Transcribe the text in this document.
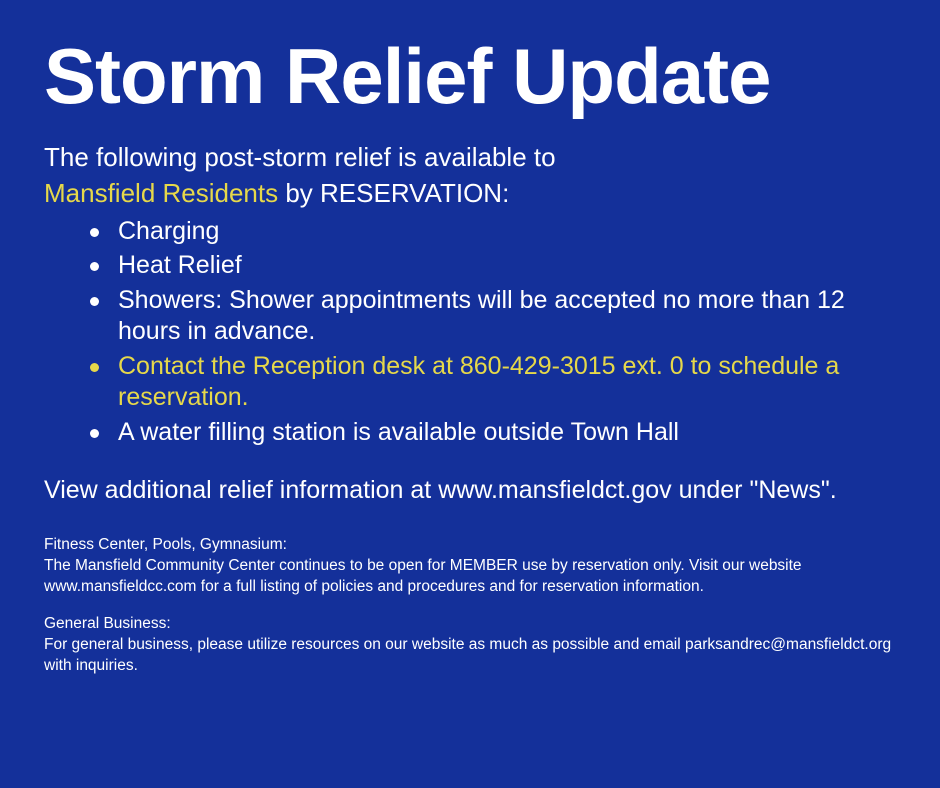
Storm Relief Update
The following post-storm relief is available to
Mansfield Residents by RESERVATION:
Charging
Heat Relief
Showers: Shower appointments will be accepted no more than 12 hours in advance.
Contact the Reception desk at 860-429-3015 ext. 0 to schedule a reservation.
A water filling station is available outside Town Hall
View additional relief information at www.mansfieldct.gov under "News".
Fitness Center, Pools, Gymnasium:
The Mansfield Community Center continues to be open for MEMBER use by reservation only. Visit our website www.mansfieldcc.com for a full listing of policies and procedures and for reservation information.
General Business:
For general business, please utilize resources on our website as much as possible and email parksandrec@mansfieldct.org with inquiries.
